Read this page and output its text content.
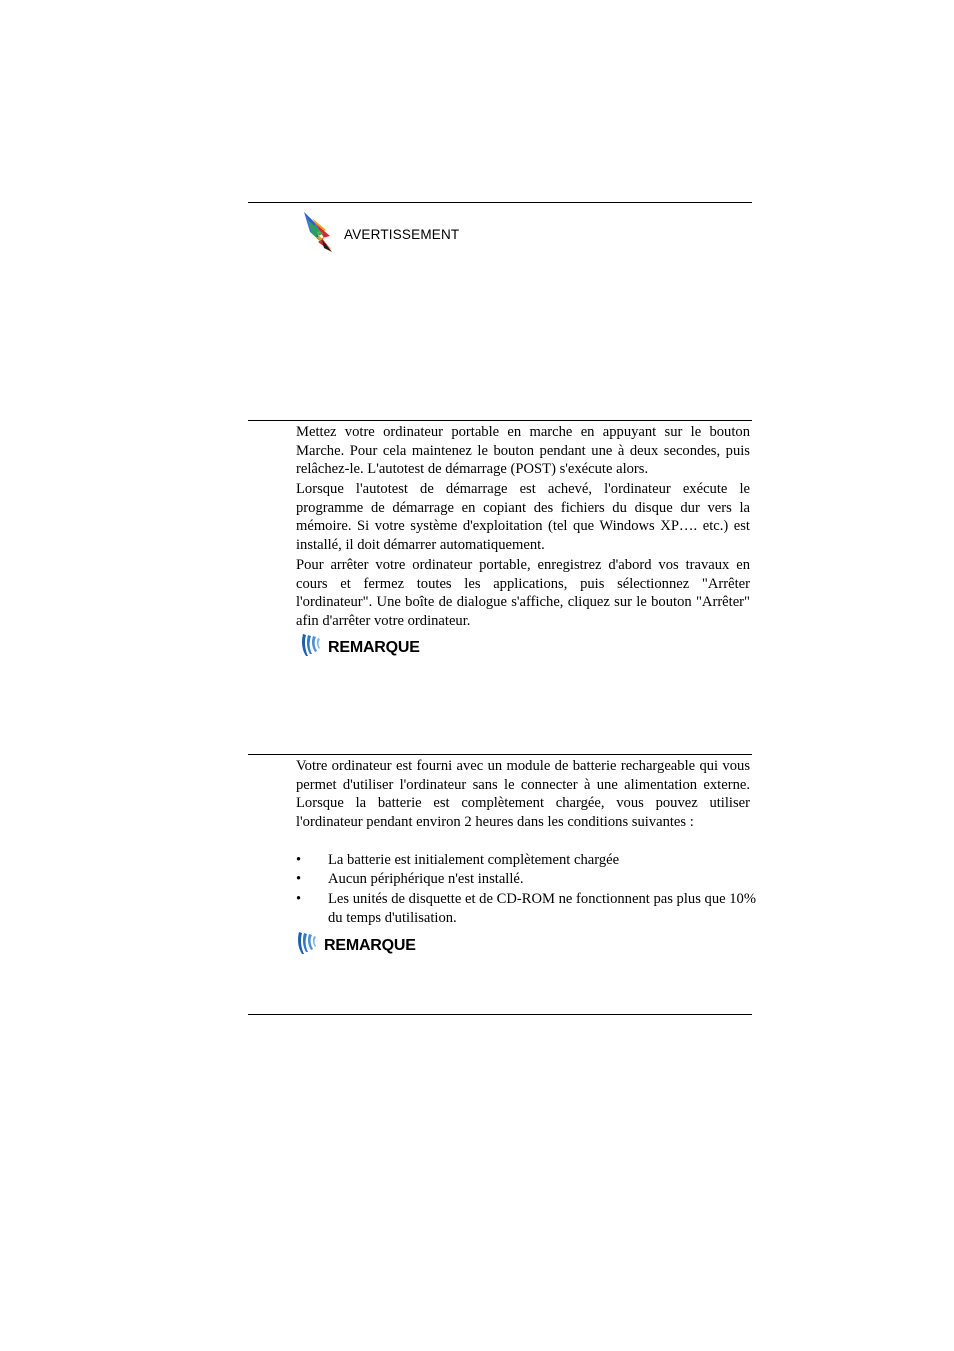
AVERTISSEMENT

Mettez votre ordinateur portable en marche en appuyant sur le bouton Marche. Pour cela maintenez le bouton pendant une à deux secondes, puis relâchez-le. L'autotest de démarrage (POST) s'exécute alors.

Lorsque l'autotest de démarrage est achevé, l'ordinateur exécute le programme de démarrage en copiant des fichiers du disque dur vers la mémoire. Si votre système d'exploitation (tel que Windows XP…. etc.) est installé, il doit démarrer automatiquement.

Pour arrêter votre ordinateur portable, enregistrez d'abord vos travaux en cours et fermez toutes les applications, puis sélectionnez "Arrêter l'ordinateur". Une boîte de dialogue s'affiche, cliquez sur le bouton "Arrêter" afin d'arrêter votre ordinateur.

REMARQUE

Votre ordinateur est fourni avec un module de batterie rechargeable qui vous permet d'utiliser l'ordinateur sans le connecter à une alimentation externe. Lorsque la batterie est complètement chargée, vous pouvez utiliser l'ordinateur pendant environ 2 heures dans les conditions suivantes :

•	La batterie est initialement complètement chargée
•	Aucun périphérique n'est installé.
•	Les unités de disquette et de CD-ROM ne fonctionnent pas plus que 10% du temps d'utilisation.
REMARQUE
